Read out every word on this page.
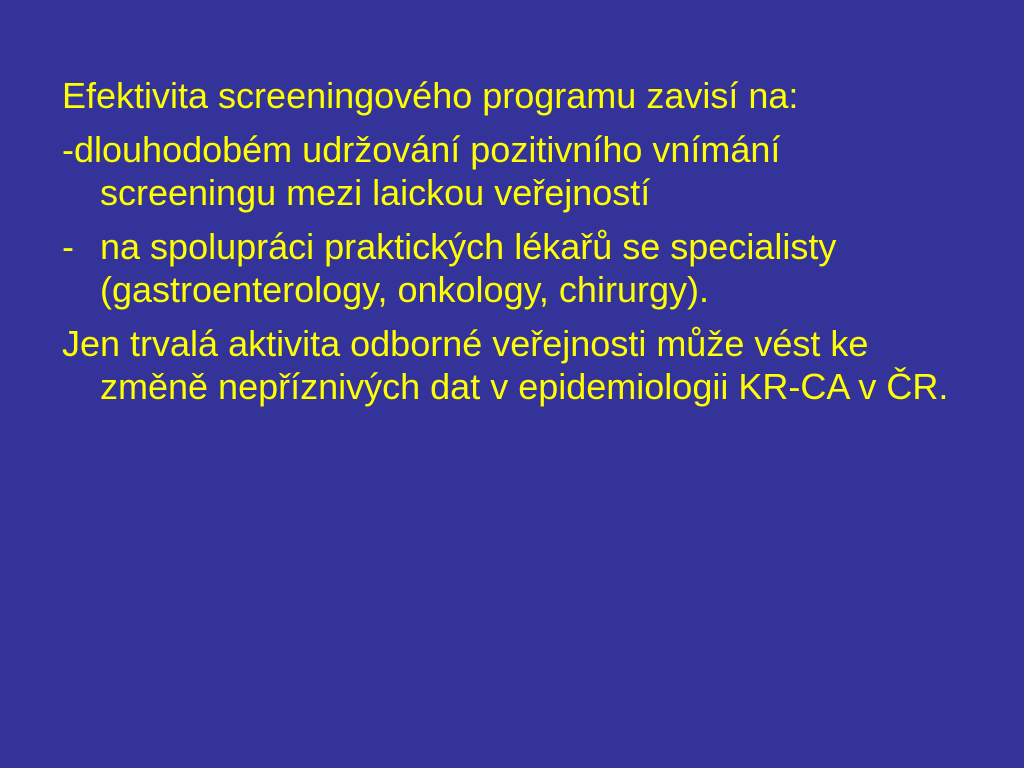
Efektivita screeningového programu zavisí na:

-dlouhodobém udržování pozitivního vnímání screeningu mezi laickou veřejností

- na spolupráci praktických lékařů se specialisty (gastroenterology, onkology, chirurgy).

Jen trvalá aktivita odborné veřejnosti může vést ke změně nepříznivých dat v epidemiologii KR-CA v ČR.
